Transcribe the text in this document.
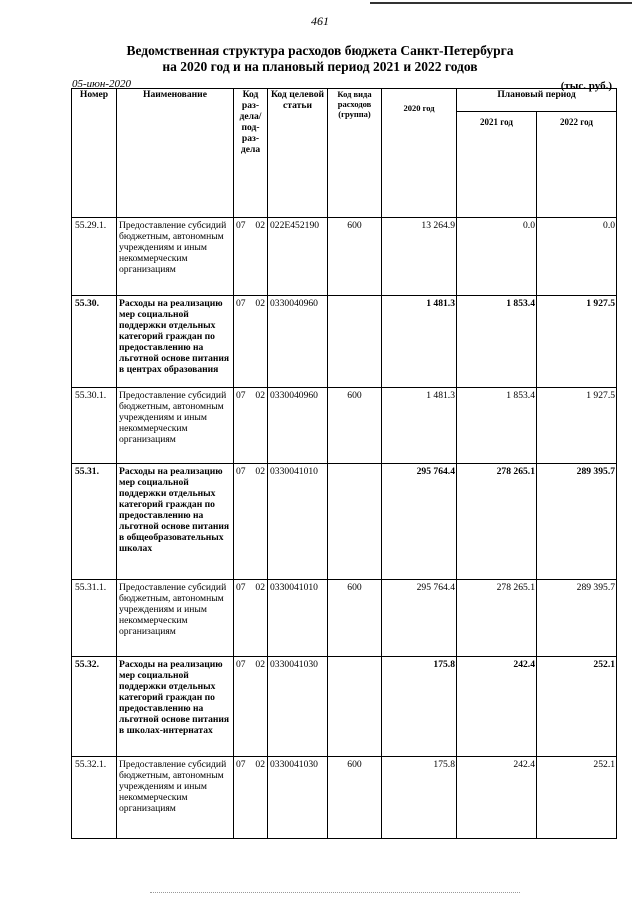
461
Ведомственная структура расходов бюджета Санкт-Петербурга
на 2020 год и на плановый период 2021 и 2022 годов
05-июн-2020	(тыс. руб.)
Номер	Наименование	Код раз- дела/ под- раз- дела	Код целевой статьи	Код вида расходов (группа)	2020 год	Плановый период	
						2021 год	2022 год
55.29.1.	Предоставление субсидий бюджетным, автономным учреждениям и иным некоммерческим организациям	07 02	022Е452190	600	13 264.9	0.0	0.0
55.30.	Расходы на реализацию мер социальной поддержки отдельных категорий граждан по предоставлению на льготной основе питания в центрах образования	07 02	0330040960		1 481.3	1 853.4	1 927.5
55.30.1.	Предоставление субсидий бюджетным, автономным учреждениям и иным некоммерческим организациям	07 02	0330040960	600	1 481.3	1 853.4	1 927.5
55.31.	Расходы на реализацию мер социальной поддержки отдельных категорий граждан по предоставлению на льготной основе питания в общеобразовательных школах	07 02	0330041010		295 764.4	278 265.1	289 395.7
55.31.1.	Предоставление субсидий бюджетным, автономным учреждениям и иным некоммерческим организациям	07 02	0330041010	600	295 764.4	278 265.1	289 395.7
55.32.	Расходы на реализацию мер социальной поддержки отдельных категорий граждан по предоставлению на льготной основе питания в школах-интернатах	07 02	0330041030		175.8	242.4	252.1
55.32.1.	Предоставление субсидий бюджетным, автономным учреждениям и иным некоммерческим организациям	07 02	0330041030	600	175.8	242.4	252.1
